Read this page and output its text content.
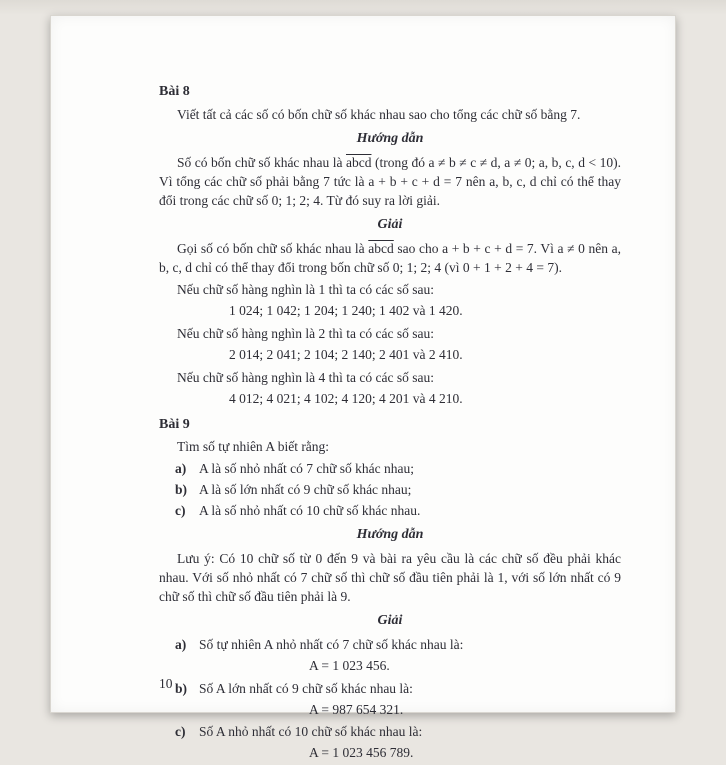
Bài 8

Viết tất cả các số có bốn chữ số khác nhau sao cho tổng các chữ số bằng 7.

Hướng dẫn

Số có bốn chữ số khác nhau là abcd (trong đó a ≠ b ≠ c ≠ d, a ≠ 0; a, b, c, d < 10). Vì tổng các chữ số phải bằng 7 tức là a + b + c + d = 7 nên a, b, c, d chỉ có thể thay đổi trong các chữ số 0; 1; 2; 4. Từ đó suy ra lời giải.

Giải

Gọi số có bốn chữ số khác nhau là abcd sao cho a + b + c + d = 7. Vì a ≠ 0 nên a, b, c, d chỉ có thể thay đổi trong bốn chữ số 0; 1; 2; 4 (vì 0 + 1 + 2 + 4 = 7).

Nếu chữ số hàng nghìn là 1 thì ta có các số sau:

1 024; 1 042; 1 204; 1 240; 1 402 và 1 420.

Nếu chữ số hàng nghìn là 2 thì ta có các số sau:

2 014; 2 041; 2 104; 2 140; 2 401 và 2 410.

Nếu chữ số hàng nghìn là 4 thì ta có các số sau:

4 012; 4 021; 4 102; 4 120; 4 201 và 4 210.
Bài 9

Tìm số tự nhiên A biết rằng:

a) A là số nhỏ nhất có 7 chữ số khác nhau;
b) A là số lớn nhất có 9 chữ số khác nhau;
c) A là số nhỏ nhất có 10 chữ số khác nhau.
Hướng dẫn

Lưu ý: Có 10 chữ số từ 0 đến 9 và bài ra yêu cầu là các chữ số đều phải khác nhau. Với số nhỏ nhất có 7 chữ số thì chữ số đầu tiên phải là 1, với số lớn nhất có 9 chữ số thì chữ số đầu tiên phải là 9.

Giải
a) Số tự nhiên A nhỏ nhất có 7 chữ số khác nhau là:
A = 1 023 456.
b) Số A lớn nhất có 9 chữ số khác nhau là:
A = 987 654 321.
c) Số A nhỏ nhất có 10 chữ số khác nhau là:
A = 1 023 456 789.
10
